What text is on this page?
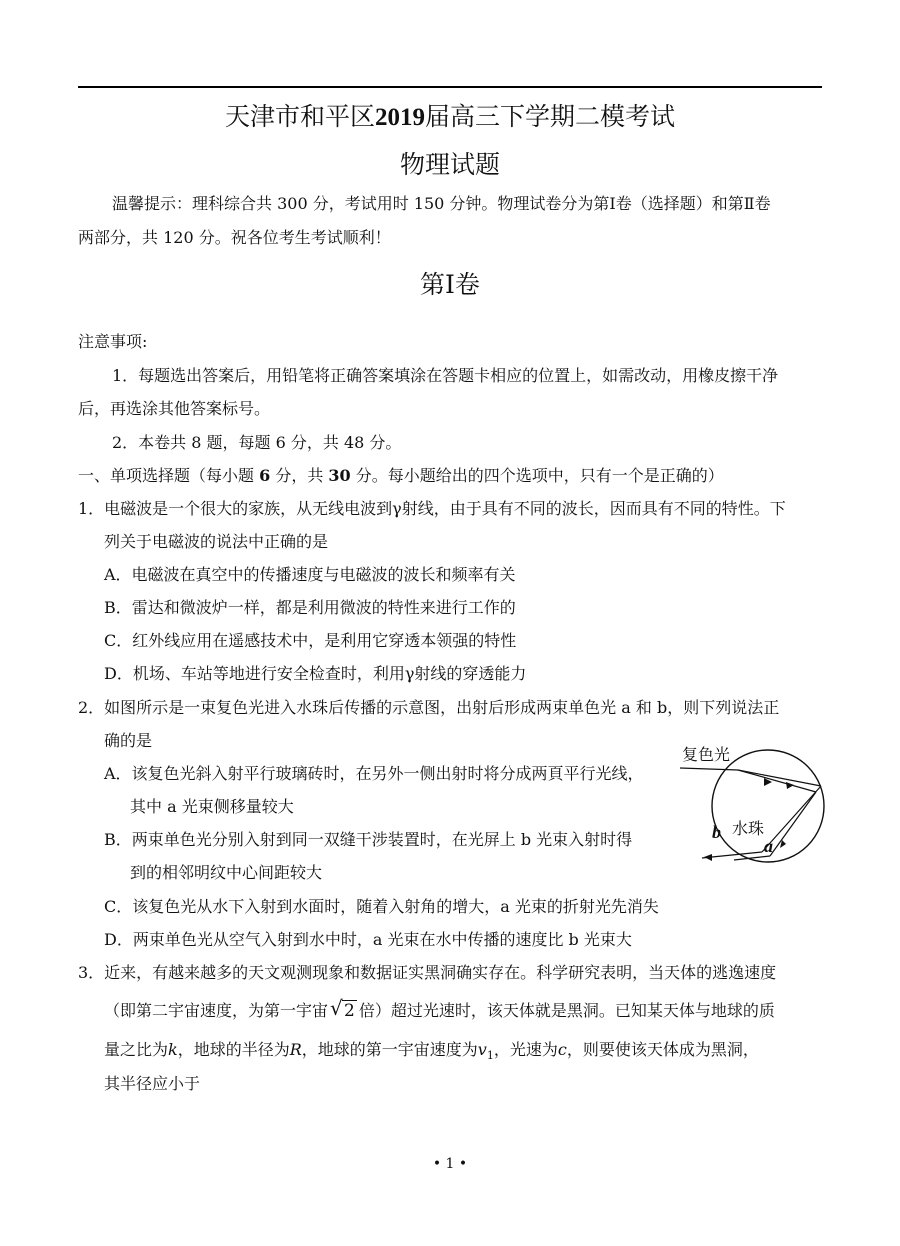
天津市和平区2019届高三下学期二模考试
物理试题
温馨提示：理科综合共 300 分，考试用时 150 分钟。物理试卷分为第Ⅰ卷（选择题）和第Ⅱ卷
两部分，共 120 分。祝各位考生考试顺利！
第Ⅰ卷
注意事项:
1．每题选出答案后，用铅笔将正确答案填涂在答题卡相应的位置上，如需改动，用橡皮擦干净
后，再选涂其他答案标号。
2．本卷共 8 题，每题 6 分，共 48 分。
一、单项选择题（每小题 6 分，共 30 分。每小题给出的四个选项中，只有一个是正确的）
1．电磁波是一个很大的家族，从无线电波到γ射线，由于具有不同的波长，因而具有不同的特性。下
列关于电磁波的说法中正确的是
A．电磁波在真空中的传播速度与电磁波的波长和频率有关
B．雷达和微波炉一样，都是利用微波的特性来进行工作的
C．红外线应用在遥感技术中，是利用它穿透本领强的特性
D．机场、车站等地进行安全检查时，利用γ射线的穿透能力
2．如图所示是一束复色光进入水珠后传播的示意图，出射后形成两束单色光 a 和 b，则下列说法正
确的是
A．该复色光斜入射平行玻璃砖时，在另外一侧出射时将分成两頁平行光线，
其中 a 光束侧移量较大
B．两束单色光分别入射到同一双缝干涉装置时，在光屏上 b 光束入射时得
到的相邻明纹中心间距较大
C．该复色光从水下入射到水面时，随着入射角的增大，a 光束的折射光先消失
D．两束单色光从空气入射到水中时，a 光束在水中传播的速度比 b 光束大
复色光
水珠
b
a
3．近来，有越来越多的天文观测现象和数据证实黑洞确实存在。科学研究表明，当天体的逃逸速度
（即第二宇宙速度，为第一宇宙 √ 2 倍）超过光速时，该天体就是黑洞。已知某天体与地球的质
量之比为k，地球的半径为R，地球的第一宇宙速度为$v_1$，光速为c，则要使该天体成为黑洞，
其半径应小于
• 1 •
